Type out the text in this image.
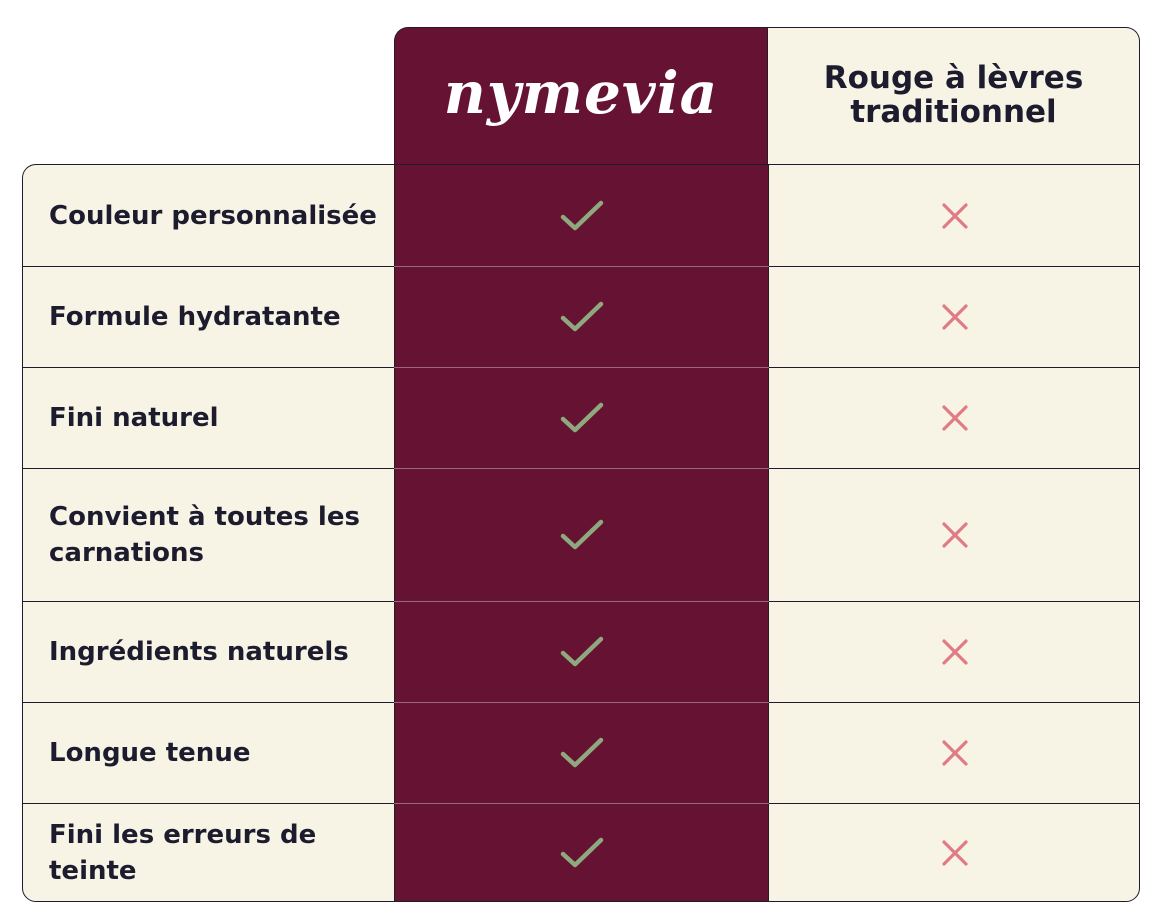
nymevia	Rouge à lèvres traditionnel
Couleur personnalisée
Formule hydratante
Fini naturel
Convient à toutes les carnations
Ingrédients naturels
Longue tenue
Fini les erreurs de teinte
